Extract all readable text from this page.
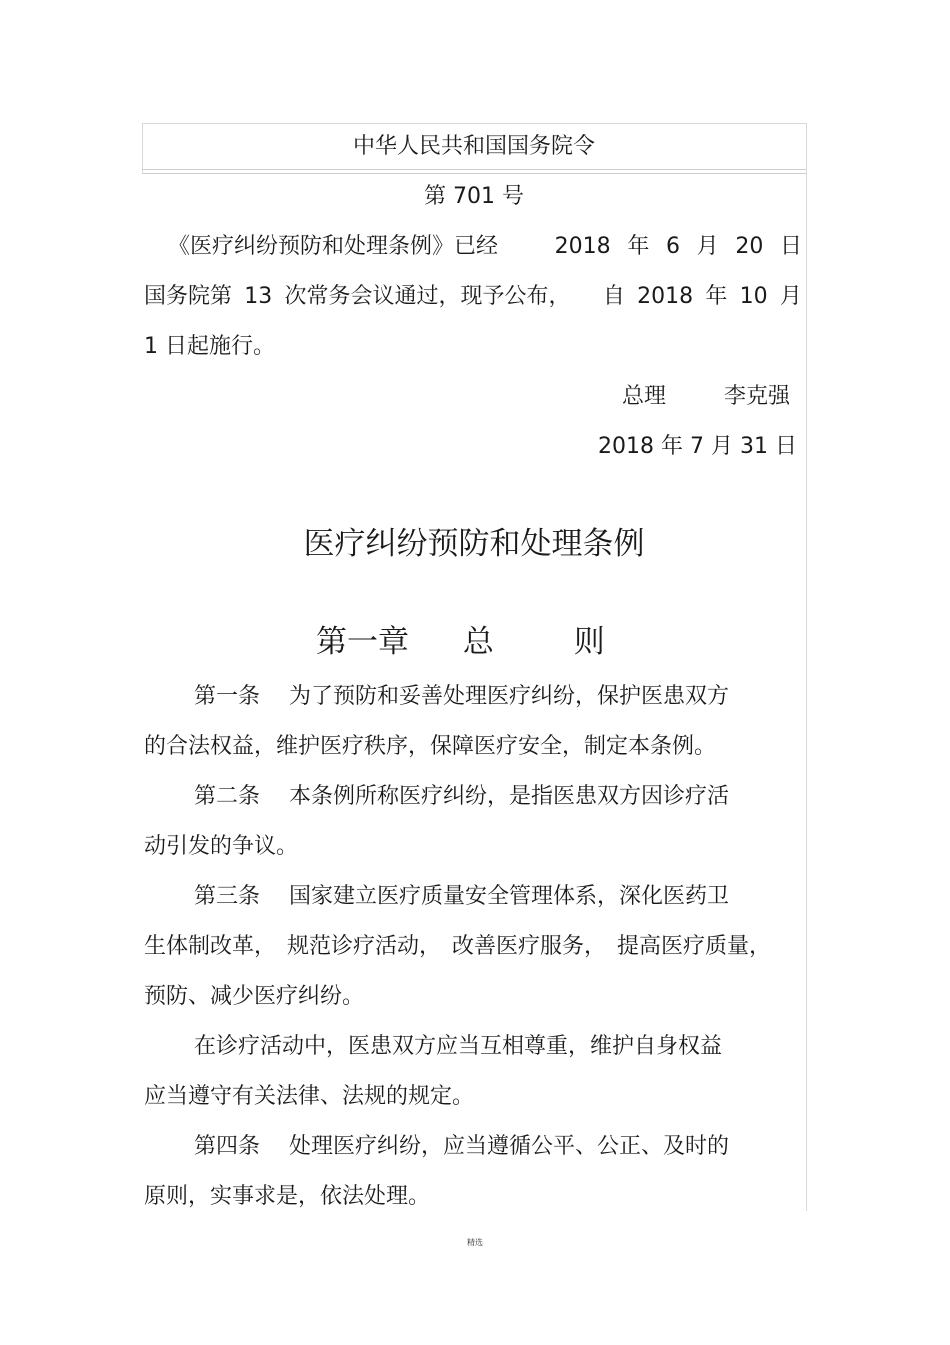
中华人民共和国国务院令
第 701 号
《医疗纠纷预防和处理条例》已经	2018 年 6 月 20 日
国务院第 13 次常务会议通过，现予公布， 自 2018 年 10 月
1 日起施行。
总理	李克强
2018 年 7 月 31 日
医疗纠纷预防和处理条例
第一章 总	则
第一条　 为了预防和妥善处理医疗纠纷，保护医患双方
的合法权益，维护医疗秩序，保障医疗安全，制定本条例。
第二条　 本条例所称医疗纠纷，是指医患双方因诊疗活
动引发的争议。
第三条　 国家建立医疗质量安全管理体系，深化医药卫
生体制改革，　规范诊疗活动，　改善医疗服务，　提高医疗质量，
预防、减少医疗纠纷。
在诊疗活动中，医患双方应当互相尊重，维护自身权益
应当遵守有关法律、法规的规定。
第四条　 处理医疗纠纷，应当遵循公平、公正、及时的
原则，实事求是，依法处理。
精选
